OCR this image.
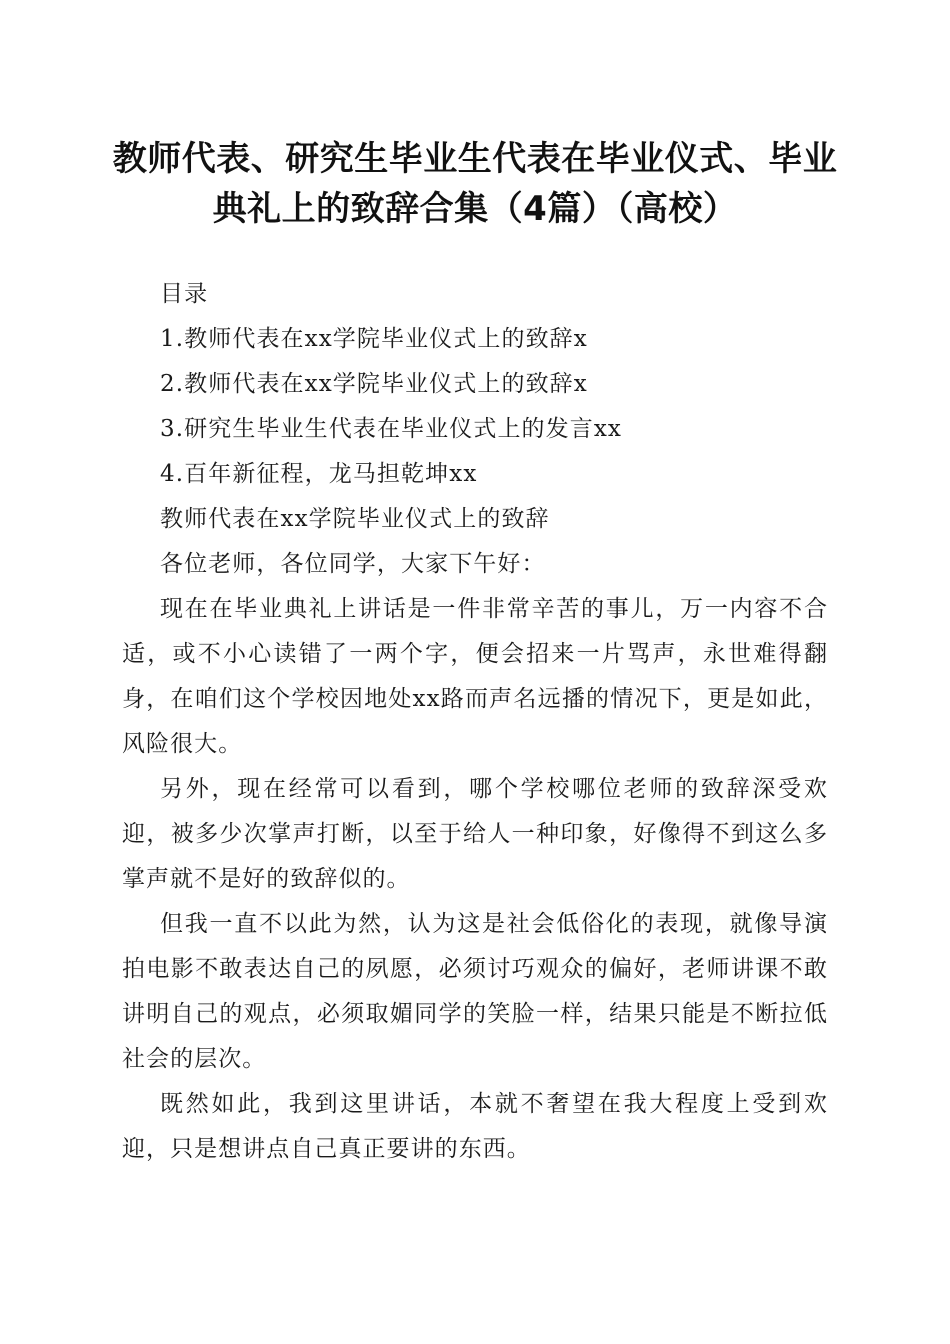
教师代表、研究生毕业生代表在毕业仪式、毕业典礼上的致辞合集（4篇）（高校）

目录

1.教师代表在xx学院毕业仪式上的致辞x

2.教师代表在xx学院毕业仪式上的致辞x

3.研究生毕业生代表在毕业仪式上的发言xx

4.百年新征程，龙马担乾坤xx

教师代表在xx学院毕业仪式上的致辞

各位老师，各位同学，大家下午好：

现在在毕业典礼上讲话是一件非常辛苦的事儿，万一内容不合适，或不小心读错了一两个字，便会招来一片骂声，永世难得翻身，在咱们这个学校因地处xx路而声名远播的情况下，更是如此，风险很大。

另外，现在经常可以看到，哪个学校哪位老师的致辞深受欢迎，被多少次掌声打断，以至于给人一种印象，好像得不到这么多掌声就不是好的致辞似的。

但我一直不以此为然，认为这是社会低俗化的表现，就像导演拍电影不敢表达自己的夙愿，必须讨巧观众的偏好，老师讲课不敢讲明自己的观点，必须取媚同学的笑脸一样，结果只能是不断拉低社会的层次。

既然如此，我到这里讲话，本就不奢望在我大程度上受到欢迎，只是想讲点自己真正要讲的东西。
